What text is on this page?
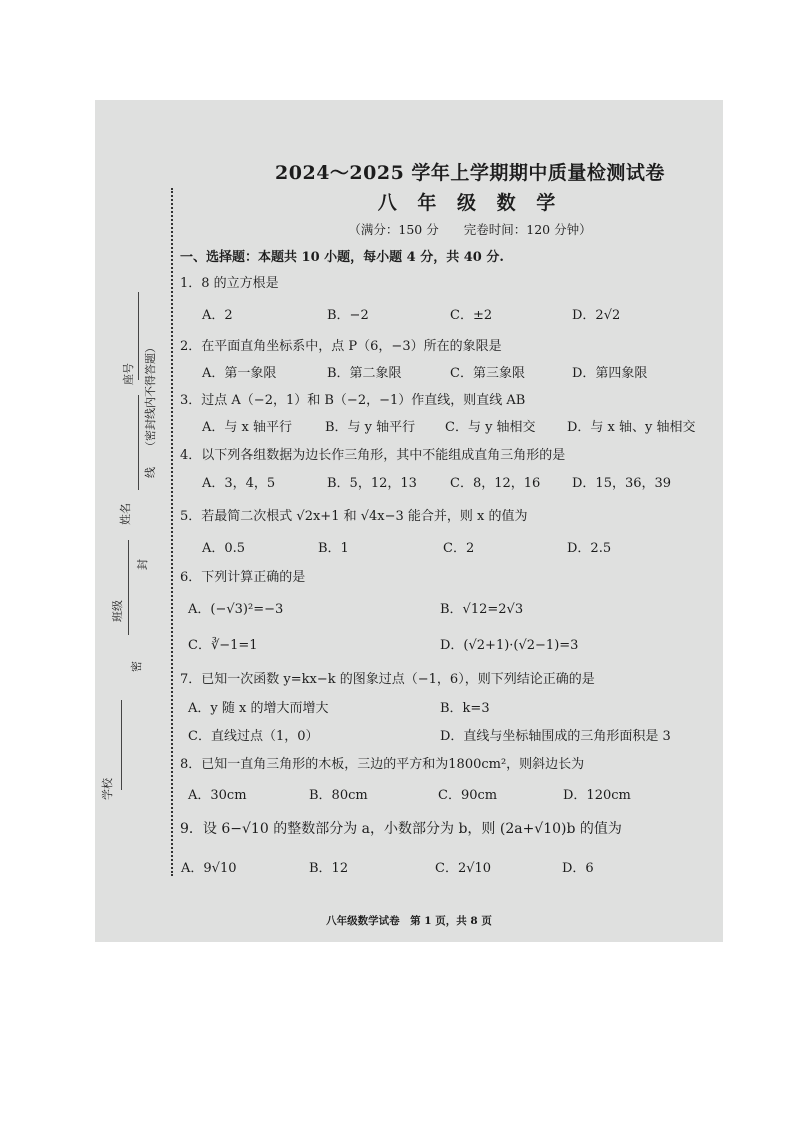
座号 （密封线内不得答题）
线
姓名
封
班级
密
学校
2024～2025 学年上学期期中质量检测试卷
八 年 级 数 学
（满分：150 分　　完卷时间：120 分钟）
一、选择题：本题共 10 小题，每小题 4 分，共 40 分.
1．8 的立方根是
A．2	B．−2	C．±2	D．2√2
2．在平面直角坐标系中，点 P（6，−3）所在的象限是
A．第一象限	B．第二象限	C．第三象限	D．第四象限
3．过点 A（−2，1）和 B（−2，−1）作直线，则直线 AB
A．与 x 轴平行	B．与 y 轴平行 C．与 y 轴相交 D．与 x 轴、y 轴相交
4．以下列各组数据为边长作三角形，其中不能组成直角三角形的是
A．3，4，5	B．5，12，13	C．8，12，16 D．15，36，39
5．若最简二次根式 √2x+1 和 √4x−3 能合并，则 x 的值为
A．0.5	B．1	C．2	D．2.5
6．下列计算正确的是
A．(−√3)²=−3	B．√12=2√3
C．∛−1=1	D．(√2+1)·(√2−1)=3
7．已知一次函数 y=kx−k 的图象过点（−1，6），则下列结论正确的是
A．y 随 x 的增大而增大	B．k=3
C．直线过点（1，0）	D．直线与坐标轴围成的三角形面积是 3
8．已知一直角三角形的木板，三边的平方和为1800cm²，则斜边长为
A．30cm	B．80cm	C．90cm	D．120cm
9．设 6−√10 的整数部分为 a，小数部分为 b，则 (2a+√10)b 的值为
A．9√10	B．12	C．2√10	D．6
八年级数学试卷　第 1 页，共 8 页
